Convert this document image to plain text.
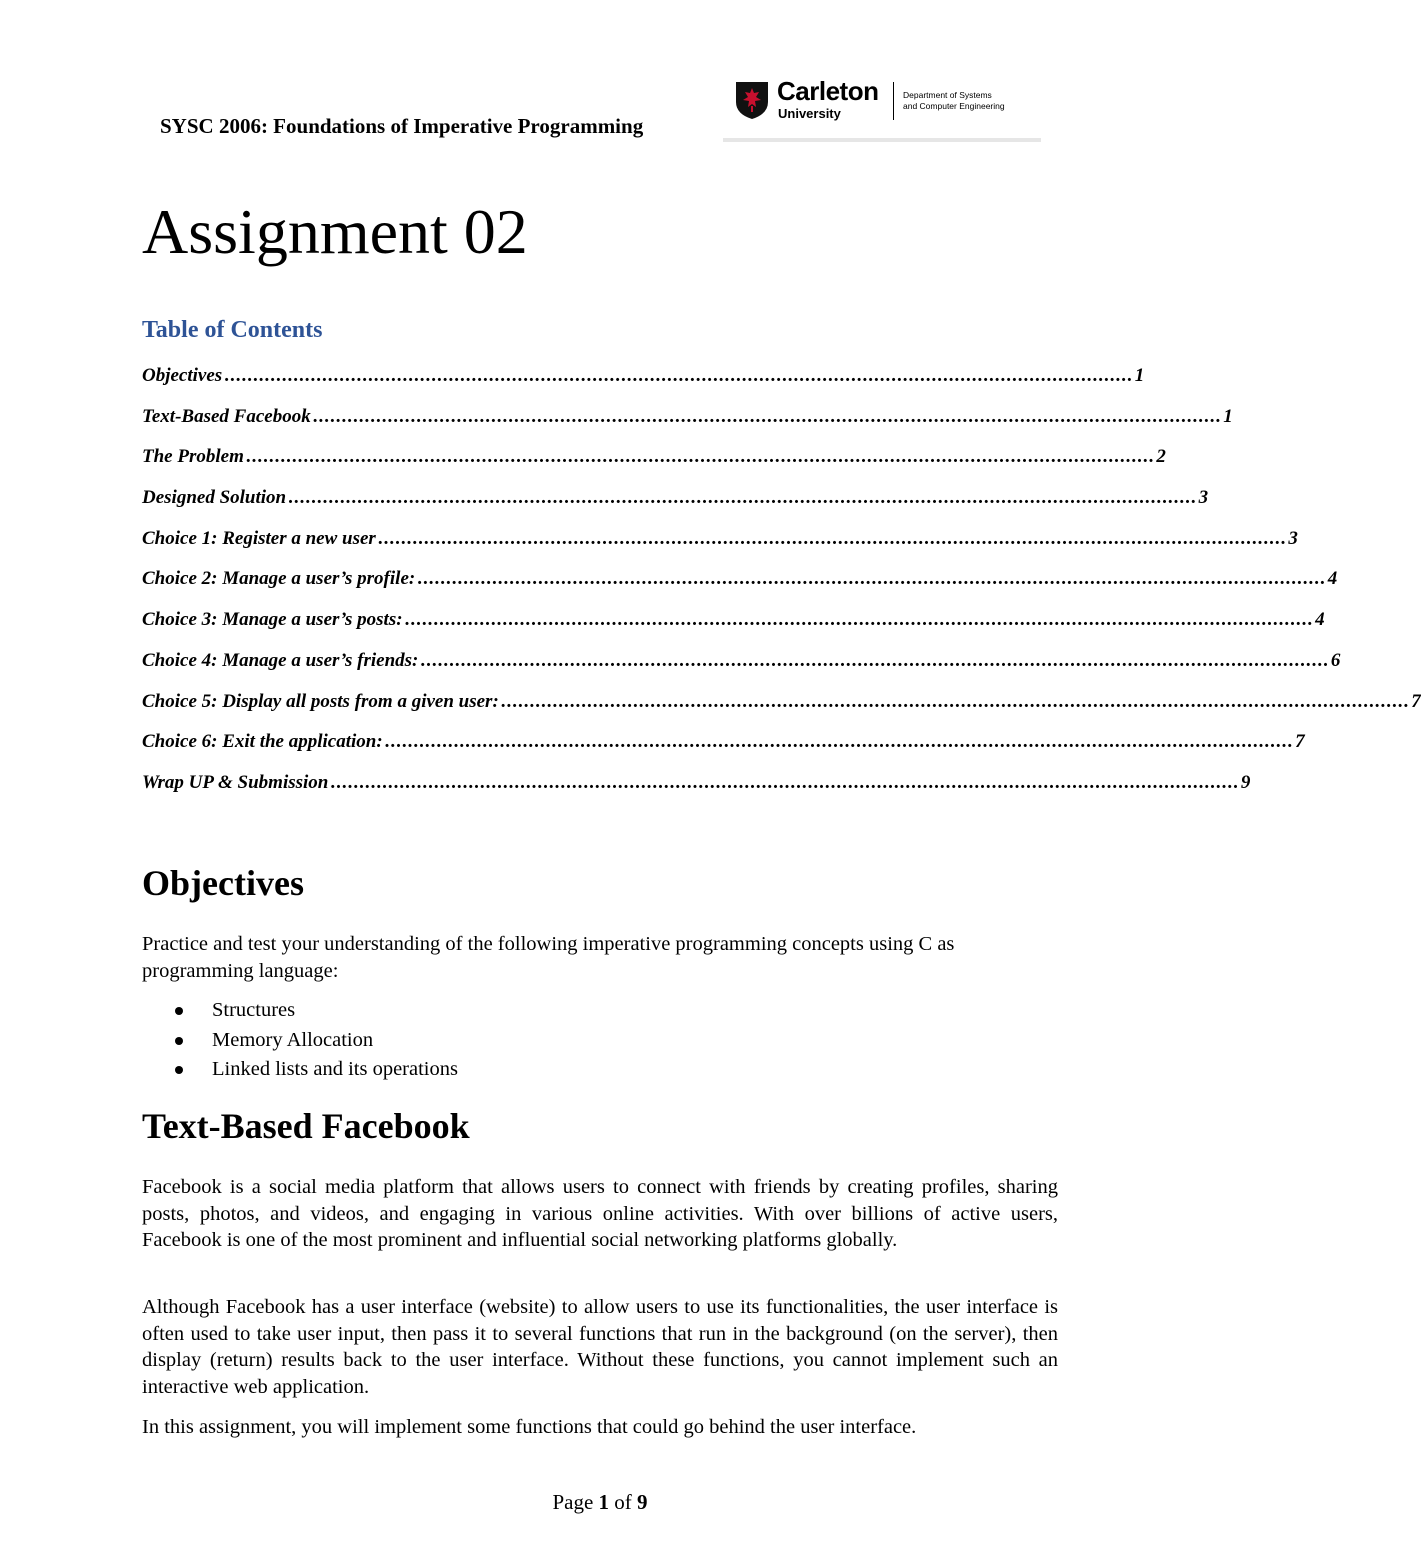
SYSC 2006: Foundations of Imperative Programming
Carleton
University
Department of Systems
and Computer Engineering
Assignment 02
Table of Contents
Objectives .............................................................................................................................................................. 1
Text-Based Facebook .............................................................................................................................................................. 1
The Problem .............................................................................................................................................................. 2
Designed Solution .............................................................................................................................................................. 3
Choice 1: Register a new user .............................................................................................................................................................. 3
Choice 2: Manage a user’s profile: .............................................................................................................................................................. 4
Choice 3: Manage a user’s posts: .............................................................................................................................................................. 4
Choice 4: Manage a user’s friends: .............................................................................................................................................................. 6
Choice 5: Display all posts from a given user: .............................................................................................................................................................. 7
Choice 6: Exit the application: .............................................................................................................................................................. 7
Wrap UP & Submission .............................................................................................................................................................. 9
Objectives

Practice and test your understanding of the following imperative programming concepts using C as programming language:

Structures
Memory Allocation
Linked lists and its operations
Text-Based Facebook

Facebook is a social media platform that allows users to connect with friends by creating profiles, sharing posts, photos, and videos, and engaging in various online activities. With over billions of active users, Facebook is one of the most prominent and influential social networking platforms globally.

Although Facebook has a user interface (website) to allow users to use its functionalities, the user interface is often used to take user input, then pass it to several functions that run in the background (on the server), then display (return) results back to the user interface. Without these functions, you cannot implement such an interactive web application.

In this assignment, you will implement some functions that could go behind the user interface.

Page 1 of 9
